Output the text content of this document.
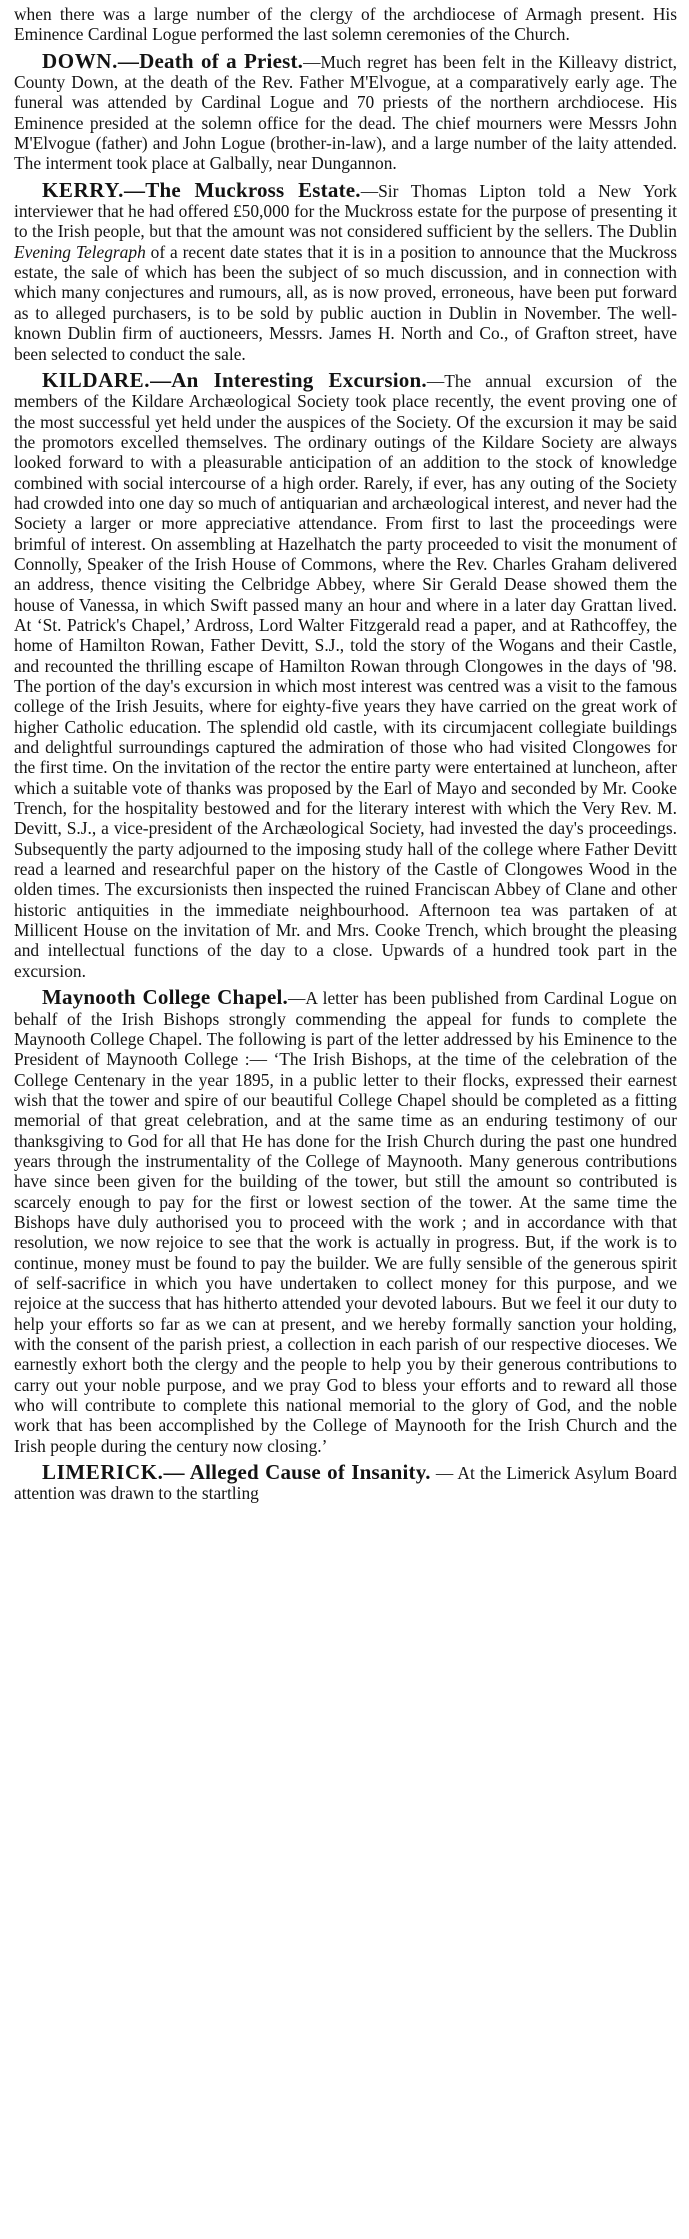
when there was a large number of the clergy of the archdiocese of Armagh present. His Eminence Cardinal Logue performed the last solemn ceremonies of the Church.

DOWN.—Death of a Priest.—Much regret has been felt in the Killeavy district, County Down, at the death of the Rev. Father M'Elvogue, at a comparatively early age. The funeral was attended by Cardinal Logue and 70 priests of the northern archdiocese. His Eminence presided at the solemn office for the dead. The chief mourners were Messrs John M'Elvogue (father) and John Logue (brother-in-law), and a large number of the laity attended. The interment took place at Galbally, near Dungannon.

KERRY.—The Muckross Estate.—Sir Thomas Lipton told a New York interviewer that he had offered £50,000 for the Muckross estate for the purpose of presenting it to the Irish people, but that the amount was not considered sufficient by the sellers. The Dublin Evening Telegraph of a recent date states that it is in a position to announce that the Muckross estate, the sale of which has been the subject of so much discussion, and in connection with which many conjectures and rumours, all, as is now proved, erroneous, have been put forward as to alleged purchasers, is to be sold by public auction in Dublin in November. The well-known Dublin firm of auctioneers, Messrs. James H. North and Co., of Grafton street, have been selected to conduct the sale.

KILDARE.—An Interesting Excursion.—The annual excursion of the members of the Kildare Archæological Society took place recently, the event proving one of the most successful yet held under the auspices of the Society. Of the excursion it may be said the promotors excelled themselves. The ordinary outings of the Kildare Society are always looked forward to with a pleasurable anticipation of an addition to the stock of knowledge combined with social intercourse of a high order. Rarely, if ever, has any outing of the Society had crowded into one day so much of antiquarian and archæological interest, and never had the Society a larger or more appreciative attendance. From first to last the proceedings were brimful of interest. On assembling at Hazelhatch the party proceeded to visit the monument of Connolly, Speaker of the Irish House of Commons, where the Rev. Charles Graham delivered an address, thence visiting the Celbridge Abbey, where Sir Gerald Dease showed them the house of Vanessa, in which Swift passed many an hour and where in a later day Grattan lived. At ‘St. Patrick's Chapel,’ Ardross, Lord Walter Fitzgerald read a paper, and at Rathcoffey, the home of Hamilton Rowan, Father Devitt, S.J., told the story of the Wogans and their Castle, and recounted the thrilling escape of Hamilton Rowan through Clongowes in the days of '98. The portion of the day's excursion in which most interest was centred was a visit to the famous college of the Irish Jesuits, where for eighty-five years they have carried on the great work of higher Catholic education. The splendid old castle, with its circumjacent collegiate buildings and delightful surroundings captured the admiration of those who had visited Clongowes for the first time. On the invitation of the rector the entire party were entertained at luncheon, after which a suitable vote of thanks was proposed by the Earl of Mayo and seconded by Mr. Cooke Trench, for the hospitality bestowed and for the literary interest with which the Very Rev. M. Devitt, S.J., a vice-president of the Archæological Society, had invested the day's proceedings. Subsequently the party adjourned to the imposing study hall of the college where Father Devitt read a learned and researchful paper on the history of the Castle of Clongowes Wood in the olden times. The excursionists then inspected the ruined Franciscan Abbey of Clane and other historic antiquities in the immediate neighbourhood. Afternoon tea was partaken of at Millicent House on the invitation of Mr. and Mrs. Cooke Trench, which brought the pleasing and intellectual functions of the day to a close. Upwards of a hundred took part in the excursion.

Maynooth College Chapel.—A letter has been published from Cardinal Logue on behalf of the Irish Bishops strongly commending the appeal for funds to complete the Maynooth College Chapel. The following is part of the letter addressed by his Eminence to the President of Maynooth College :— ‘The Irish Bishops, at the time of the celebration of the College Centenary in the year 1895, in a public letter to their flocks, expressed their earnest wish that the tower and spire of our beautiful College Chapel should be completed as a fitting memorial of that great celebration, and at the same time as an enduring testimony of our thanksgiving to God for all that He has done for the Irish Church during the past one hundred years through the instrumentality of the College of Maynooth. Many generous contributions have since been given for the building of the tower, but still the amount so contributed is scarcely enough to pay for the first or lowest section of the tower. At the same time the Bishops have duly authorised you to proceed with the work ; and in accordance with that resolution, we now rejoice to see that the work is actually in progress. But, if the work is to continue, money must be found to pay the builder. We are fully sensible of the generous spirit of self-sacrifice in which you have undertaken to collect money for this purpose, and we rejoice at the success that has hitherto attended your devoted labours. But we feel it our duty to help your efforts so far as we can at present, and we hereby formally sanction your holding, with the consent of the parish priest, a collection in each parish of our respective dioceses. We earnestly exhort both the clergy and the people to help you by their generous contributions to carry out your noble purpose, and we pray God to bless your efforts and to reward all those who will contribute to complete this national memorial to the glory of God, and the noble work that has been accomplished by the College of Maynooth for the Irish Church and the Irish people during the century now closing.’

LIMERICK.— Alleged Cause of Insanity. — At the Limerick Asylum Board attention was drawn to the startling
